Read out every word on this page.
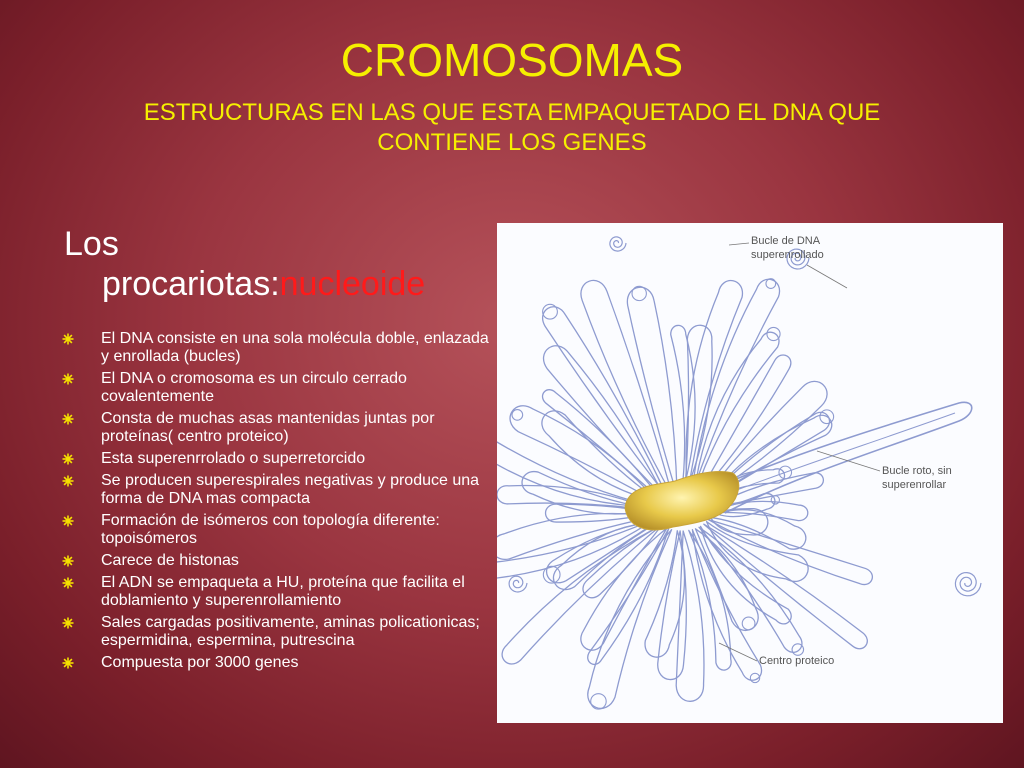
CROMOSOMAS
ESTRUCTURAS EN LAS QUE ESTA EMPAQUETADO EL DNA QUE CONTIENE LOS GENES
Los
procariotas:nucleoide
El DNA consiste en una sola molécula doble, enlazada y enrollada (bucles)
El DNA o cromosoma es un circulo cerrado covalentemente
Consta de muchas asas mantenidas juntas por proteínas( centro proteico)
Esta superenrrolado o superretorcido
Se producen superespirales negativas y produce una forma de DNA mas compacta
Formación de isómeros con topología diferente: topoisómeros
Carece de histonas
El ADN se empaqueta a HU, proteína que facilita el doblamiento y superenrollamiento
Sales cargadas positivamente, aminas policationicas; espermidina, espermina, putrescina
Compuesta por 3000 genes
Bucle de DNA superenrollado
Bucle roto, sin superenrollar
Centro proteico
